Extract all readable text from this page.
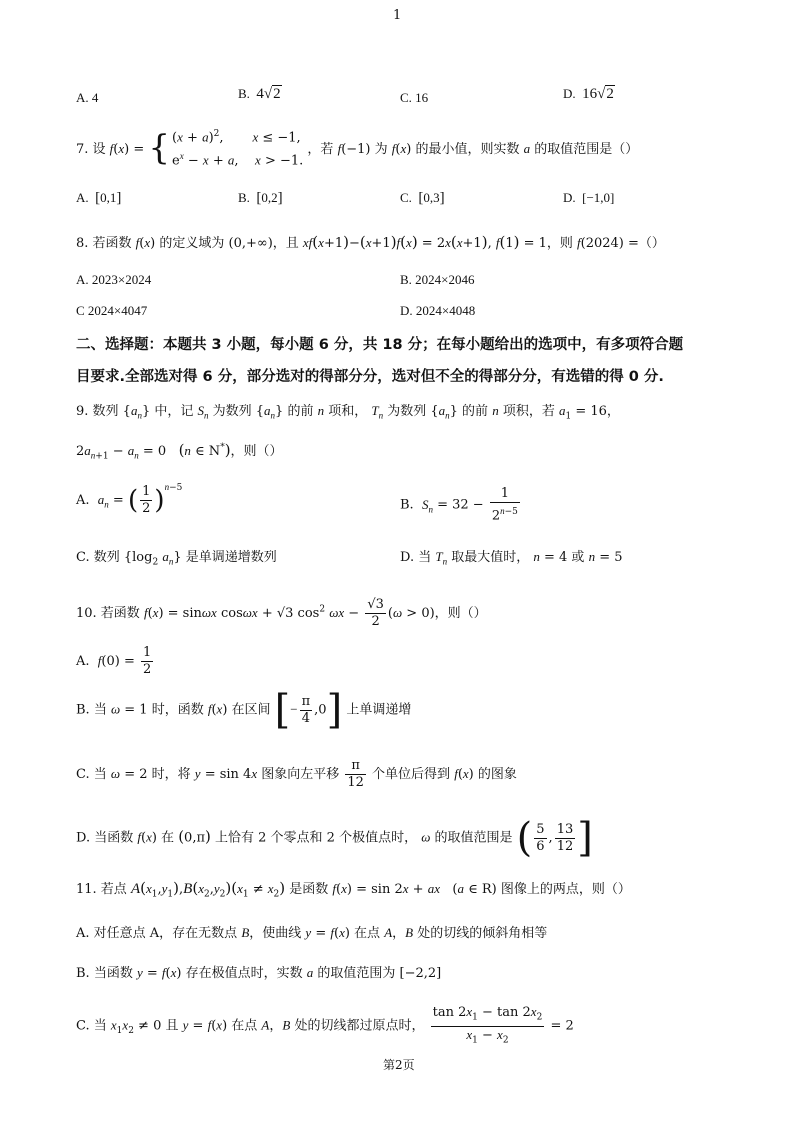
1
A. 4	B.  4√2	C. 16	D.  16√2
7. 设 f(x) = { $(x + a)^2$,       x ≤ −1,
$e^x - x + a$,    x > −1.
，若 f(−1) 为 f(x) 的最小值，则实数 a 的取值范围是（）
A.  [0,1]	B.  [0,2]	C.  [0,3]	D.  [−1,0]
8. 若函数 f(x) 的定义域为 (0,+∞)，且 xf(x+1)−(x+1)f(x) = 2x(x+1), f(1) = 1，则 f(2024) =（）
A. 2023×2024	B. 2024×2046
C 2024×4047	D. 2024×4048
二、选择题：本题共 3 小题，每小题 6 分，共 18 分；在每小题给出的选项中，有多项符合题
目要求.全部选对得 6 分，部分选对的得部分分，选对但不全的得部分分，有选错的得 0 分.
9. 数列 $\{a_n\}$ 中，记 $S_n$ 为数列 $\{a_n\}$ 的前 n 项和， $T_n$ 为数列 $\{a_n\}$ 的前 n 项积，若 $a_1 = 16$，
$2a_{n+1} - a_n = 0$   (n ∈ N*)，则（）
A.  $a_n$ = ( $\frac{1}{2} )^{n-5}$
B.  $S_n = 32 - \frac{1}{2^{n-5}}$
C. 数列 {$\log_2$ $a_n$} 是单调递增数列	D. 当 $T_n$ 取最大值时， n = 4 或 n = 5
10. 若函数 f(x) = sinωx cosωx + √3 $\cos^2 \omega x - \frac{√3}{2} (\omega > 0)$，则（）
A.  $f(0) = \frac{1}{2}$
B. 当 ω = 1 时，函数 f(x) 在区间 [− $\frac{\pi}{4} ,0$] 上单调递增
C. 当 ω = 2 时，将 y = sin 4x 图象向左平移 $\frac{\pi}{12}$ 个单位后得到 f(x) 的图象
D. 当函数 f(x) 在 (0,π) 上恰有 2 个零点和 2 个极值点时， ω 的取值范围是 ( $\frac{5}{6}$ , $\frac{13}{12}$ ]
11. 若点 $A(x_1,y_1),B(x_2,y_2)(x_1 \ne x_2)$ 是函数 f(x) = sin 2x + ax   (a ∈ R) 图像上的两点，则（）
A. 对任意点 A，存在无数点 B，使曲线 y = f(x) 在点 A，B 处的切线的倾斜角相等
B. 当函数 y = f(x) 存在极值点时，实数 a 的取值范围为 [−2,2]
C. 当 $x_1x_2 \ne 0$ 且 y = f(x) 在点 A，B 处的切线都过原点时， $\frac{\tan 2x_1 - \tan 2x_2}{x_1 - x_2} = 2$
第2页
